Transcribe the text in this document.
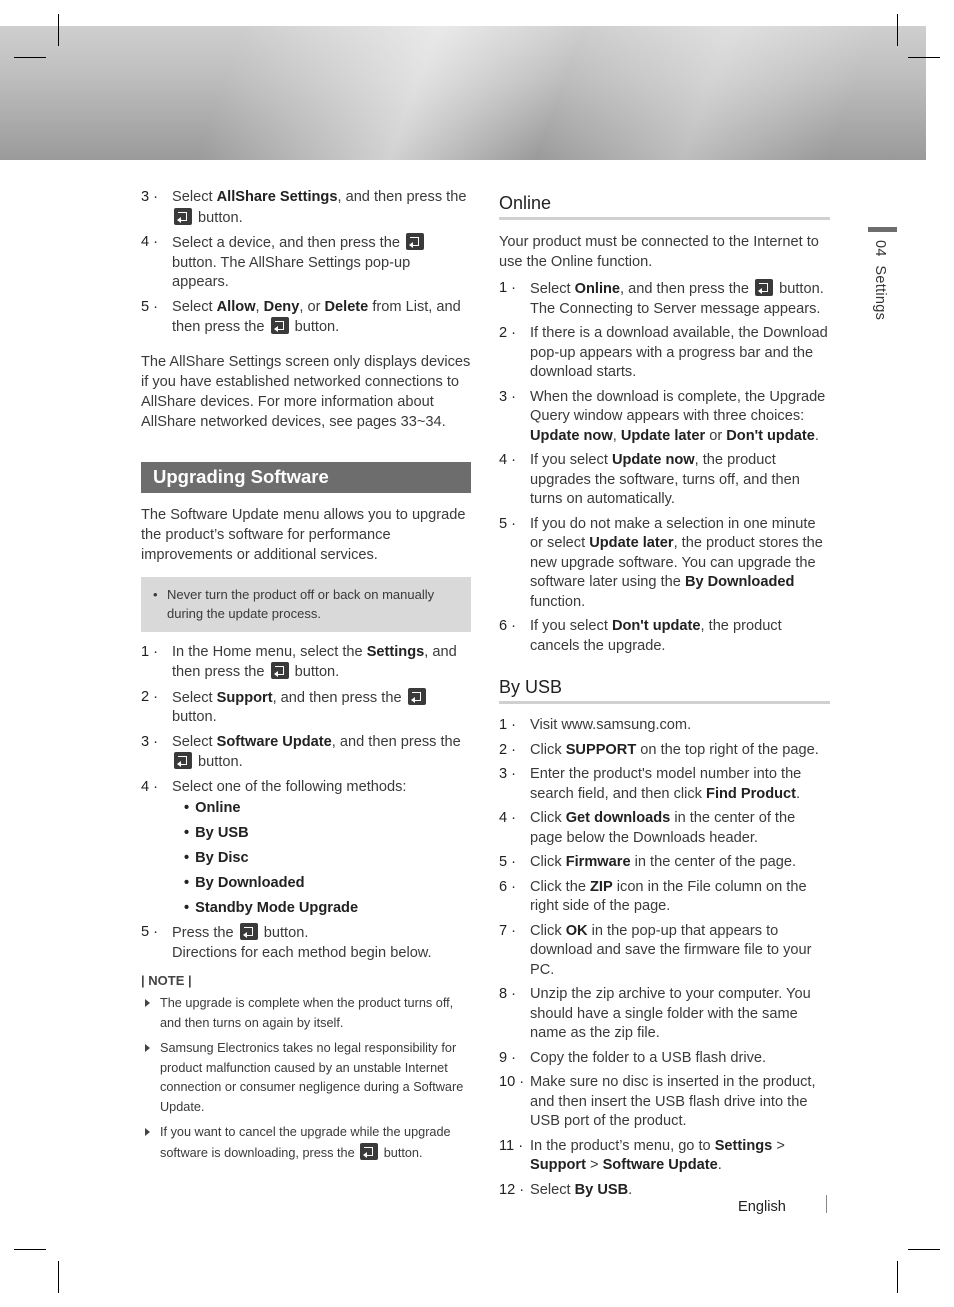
04  Settings
3 · Select AllShare Settings, and then press the  button.
4 · Select a device, and then press the  button. The AllShare Settings pop-up appears.
5 · Select Allow, Deny, or Delete from List, and then press the  button.

The AllShare Settings screen only displays devices if you have established networked connections to AllShare devices. For more information about AllShare networked devices, see pages 33~34.

Upgrading Software

The Software Update menu allows you to upgrade the product’s software for performance improvements or additional services.

• Never turn the product off or back on manually during the update process.
1 · In the Home menu, select the Settings, and then press the  button.
2 · Select Support, and then press the  button.
3 · Select Software Update, and then press the  button.
4 · Select one of the following methods:
• Online
• By USB
• By Disc
• By Downloaded
• Standby Mode Upgrade
5 · Press the  button.
Directions for each method begin below.
| NOTE |
The upgrade is complete when the product turns off, and then turns on again by itself.
Samsung Electronics takes no legal responsibility for product malfunction caused by an unstable Internet connection or consumer negligence during a Software Update.
If you want to cancel the upgrade while the upgrade software is downloading, press the  button.
Online

Your product must be connected to the Internet to use the Online function.

1 · Select Online, and then press the  button. The Connecting to Server message appears.
2 · If there is a download available, the Download pop-up appears with a progress bar and the download starts.
3 · When the download is complete, the Upgrade Query window appears with three choices: Update now, Update later or Don't update.
4 · If you select Update now, the product upgrades the software, turns off, and then turns on automatically.
5 · If you do not make a selection in one minute or select Update later, the product stores the new upgrade software. You can upgrade the software later using the By Downloaded function.
6 · If you select Don't update, the product cancels the upgrade.
By USB
1 · Visit www.samsung.com.
2 · Click SUPPORT on the top right of the page.
3 · Enter the product's model number into the search field, and then click Find Product.
4 · Click Get downloads in the center of the page below the Downloads header.
5 · Click Firmware in the center of the page.
6 · Click the ZIP icon in the File column on the right side of the page.
7 · Click OK in the pop-up that appears to download and save the firmware file to your PC.
8 · Unzip the zip archive to your computer. You should have a single folder with the same name as the zip file.
9 · Copy the folder to a USB flash drive.
10 · Make sure no disc is inserted in the product, and then insert the USB flash drive into the USB port of the product.
11 · In the product’s menu, go to Settings > Support > Software Update.
12 · Select By USB.
English
